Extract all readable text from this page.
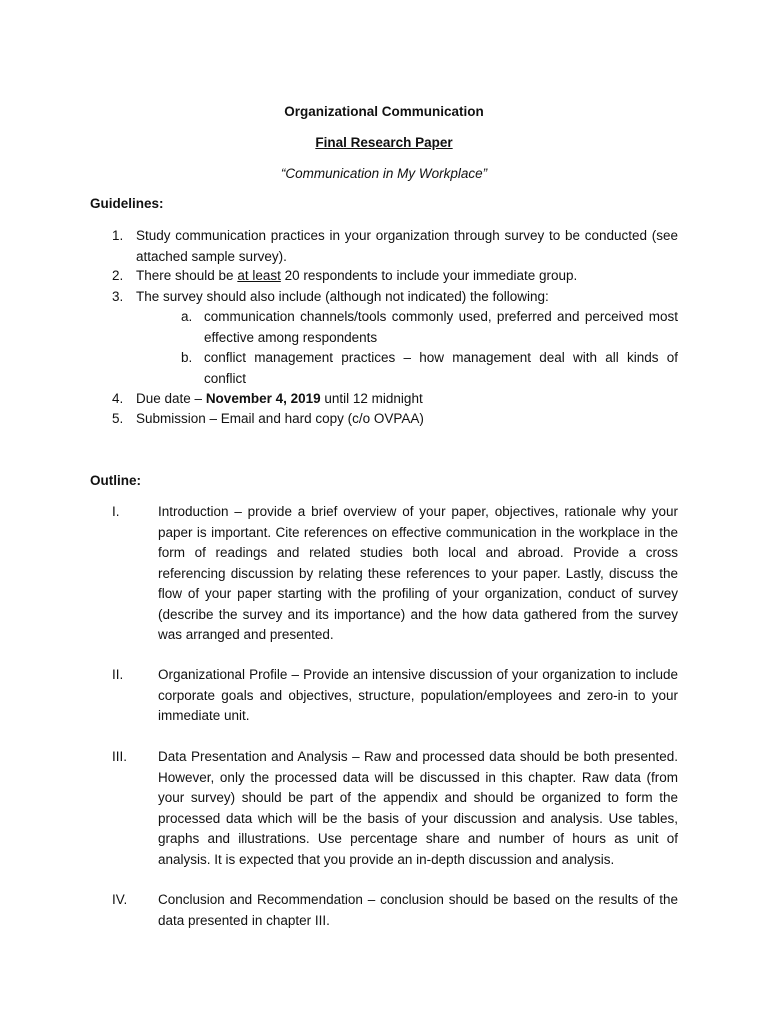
Organizational Communication

Final Research Paper

“Communication in My Workplace”

Guidelines:

1. Study communication practices in your organization through survey to be conducted (see attached sample survey).
2. There should be at least 20 respondents to include your immediate group.
3. The survey should also include (although not indicated) the following:
a. communication channels/tools commonly used, preferred and perceived most effective among respondents
b. conflict management practices – how management deal with all kinds of conflict
4. Due date – November 4, 2019 until 12 midnight
5. Submission – Email and hard copy (c/o OVPAA)

Outline:

I.	Introduction – provide a brief overview of your paper, objectives, rationale why your paper is important. Cite references on effective communication in the workplace in the form of readings and related studies both local and abroad. Provide a cross referencing discussion by relating these references to your paper. Lastly, discuss the flow of your paper starting with the profiling of your organization, conduct of survey (describe the survey and its importance) and the how data gathered from the survey was arranged and presented.
II.	Organizational Profile – Provide an intensive discussion of your organization to include corporate goals and objectives, structure, population/employees and zero-in to your immediate unit.
III. Data Presentation and Analysis – Raw and processed data should be both presented. However, only the processed data will be discussed in this chapter. Raw data (from your survey) should be part of the appendix and should be organized to form the processed data which will be the basis of your discussion and analysis. Use tables, graphs and illustrations. Use percentage share and number of hours as unit of analysis. It is expected that you provide an in-depth discussion and analysis.
IV. Conclusion and Recommendation – conclusion should be based on the results of the data presented in chapter III.
